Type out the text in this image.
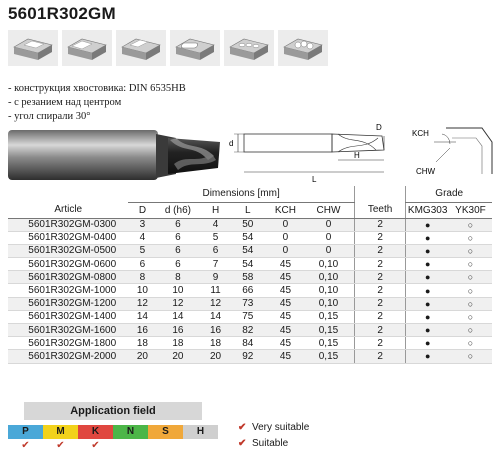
5601R302GM
- конструкция хвостовика: DIN 6535HB
- с резанием над центром
- угол спирали 30°
d
D
H
L
KCH
CHW
	Dimensions [mm]								Grade	
Article	D	d (h6)	H	L	KCH	CHW		Teeth	KMG303	YK30F
5601R302GM-0300	3	6	4	50	0	0		2	●	○
5601R302GM-0400	4	6	5	54	0	0		2	●	○
5601R302GM-0500	5	6	6	54	0	0		2	●	○
5601R302GM-0600	6	6	7	54	45	0,10		2	●	○
5601R302GM-0800	8	8	9	58	45	0,10		2	●	○
5601R302GM-1000	10	10	11	66	45	0,10		2	●	○
5601R302GM-1200	12	12	12	73	45	0,10		2	●	○
5601R302GM-1400	14	14	14	75	45	0,15		2	●	○
5601R302GM-1600	16	16	16	82	45	0,15		2	●	○
5601R302GM-1800	18	18	18	84	45	0,15		2	●	○
5601R302GM-2000	20	20	20	92	45	0,15		2	●	○
Application field
P	M	K	N	S	H
✔	✔	✔
✔ Very suitable
✔ Suitable
